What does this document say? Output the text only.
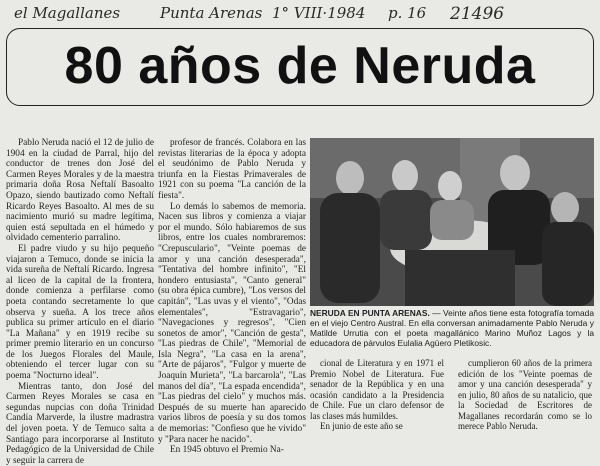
el Magallanes	Punta Arenas 1° VIII·1984 p. 16 21496
80 años de Neruda

Pablo Neruda nació el 12 de julio de 1904 en la ciudad de Parral, hijo del conductor de trenes don José del Carmen Reyes Morales y de la maestra primaria doña Rosa Neftalí Basoalto Opazo, siendo bautizado como Neftalí Ricardo Reyes Basoalto. Al mes de su nacimiento murió su madre legítima, quien está sepultada en el húmedo y olvidado cementerio parralino.

El padre viudo y su hijo pequeño viajaron a Temuco, donde se inicia la vida sureña de Neftalí Ricardo. Ingresa al liceo de la capital de la frontera, donde comienza a perfilarse como poeta contando secretamente lo que observa y sueña. A los trece años publica su primer artículo en el diario "La Mañana" y en 1919 recibe su primer premio literario en un concurso de los Juegos Florales del Maule, obteniendo el tercer lugar con su poema "Nocturno ideal".

Mientras tanto, don José del Carmen Reyes Morales se casa en segundas nupcias con doña Trinidad Candia Marverde, la ilustre madrastra del joven poeta. Y de Temuco salta a Santiago para incorporarse al Instituto Pedagógico de la Universidad de Chile y seguir la carrera de

profesor de francés. Colabora en las revistas literarias de la época y adopta el seudónimo de Pablo Neruda y triunfa en la Fiestas Primaverales de 1921 con su poema "La canción de la fiesta".

Lo demás lo sabemos de memoria. Nacen sus libros y comienza a viajar por el mundo. Sólo habiaremos de sus libros, entre los cuales nombraremos: "Crepusculario", "Veinte poemas de amor y una canción desesperada", "Tentativa del hombre infinito", "El hondero entusiasta", "Canto general" (su obra épica cumbre), "Los versos del capitán", "Las uvas y el viento", "Odas elementales", "Estravagario", "Navegaciones y regresos", "Cien sonetos de amor", "Canción de gesta", "Las piedras de Chile", "Memorial de Isla Negra", "La casa en la arena", "Arte de pájaros", "Fulgor y muerte de Joaquín Murieta", "La barcarola", "Las manos del día", "La espada encendida", "Las piedras del cielo" y muchos más. Después de su muerte han aparecido varios libros de poesía y su dos tomos de memorias: "Confieso que he vivido" y "Para nacer he nacido".

En 1945 obtuvo el Premio Na-

NERUDA EN PUNTA ARENAS. — Veinte años tiene esta fotografía tomada en el viejo Centro Austral. En ella conversan animadamente Pablo Neruda y Matilde Urrutia con el poeta magallánico Marino Muñoz Lagos y la educadora de párvulos Eulalia Agüero Pletikosic.

cional de Literatura y en 1971 el Premio Nobel de Literatura. Fue senador de la República y en una ocasión candidato a la Presidencia de Chile. Fue un claro defensor de las clases más humildes.

En junio de este año se

cumplieron 60 años de la primera edición de los "Veinte poemas de amor y una canción desesperada" y en julio, 80 años de su natalicio, que la Sociedad de Escritores de Magallanes recordarán como se lo merece Pablo Neruda.
